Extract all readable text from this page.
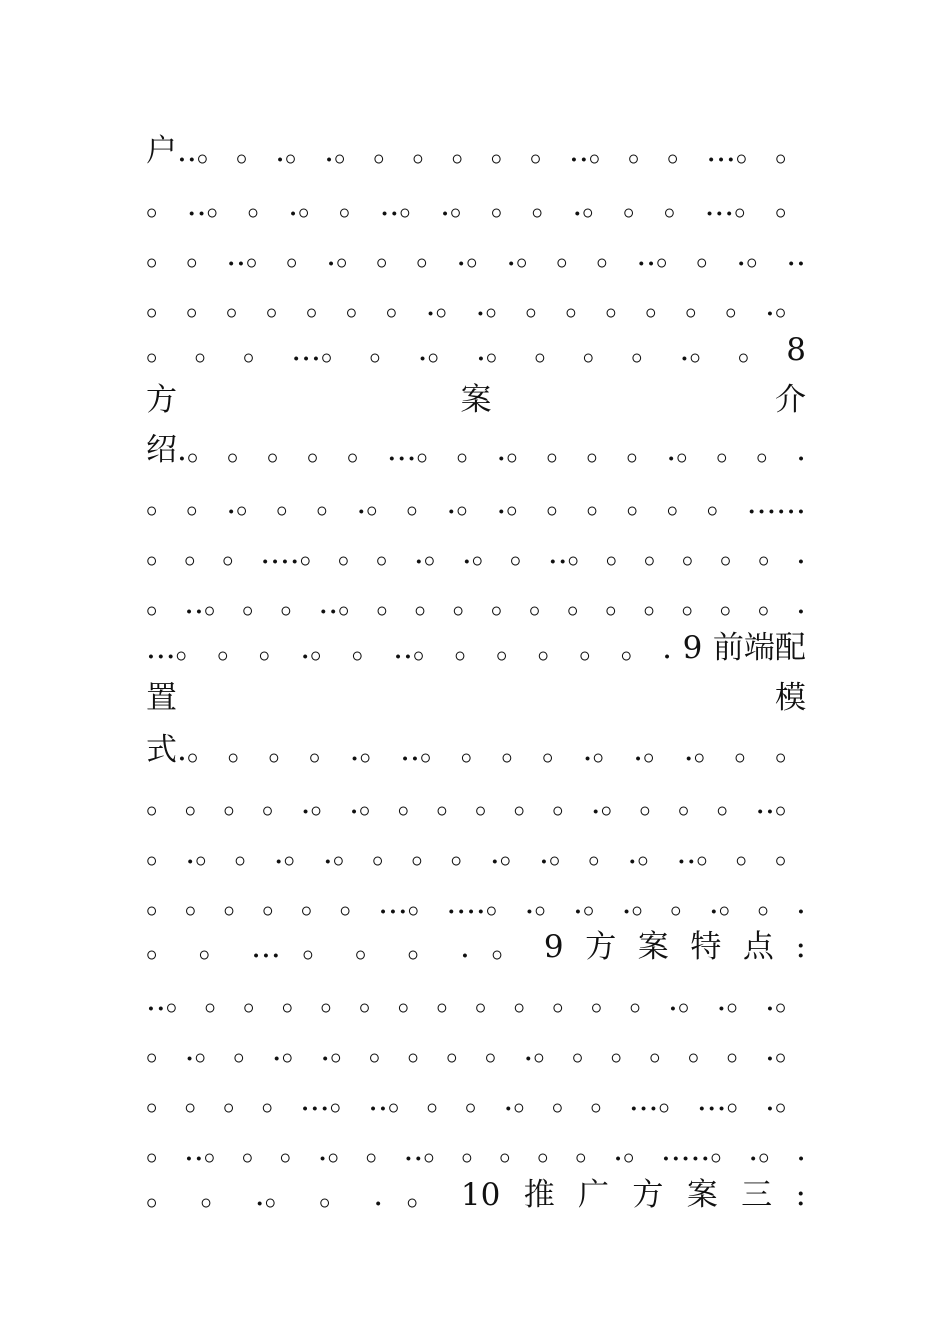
户..。 。 .。 .。 。 。 。 。 。 ..。 。 。 ...。 。
。 ..。 。 .。 。 ..。 .。 。 。 .。 。 。 ...。 。
。 。 ..。 。 .。 。 。 .。 .。 。 。 ..。 。 .。 ..
。 。 。 。 。 。 。 .。 .。 。 。 。 。 。 。 .。
。 。 。 ...。 。 .。 .。 。 。 。 .。 。 8
方	案	介
绍.。 。 。 。 。 ...。 。 .。 。 。 。 .。 。 。 .
。 。 .。 。 。 .。 。 .。 .。 。 。 。 。 。 ......
。 。 。 ....。 。 。 .。 .。 。 ..。 。 。 。 。 。 .
。 ..。 。 。 ..。 。 。 。 。 。 。 。 。 。 。 。 .
...。 。 。 .。 。 ..。 。 。 。 。 。 . 9 前端配
置	模
式.。 。 。 。 .。 ..。 。 。 。 .。 .。 .。 。 。
。 。 。 。 .。 .。 。 。 。 。 。 .。 。 。 。 ..。
。 .。 。 .。 .。 。 。 。 .。 .。 。 .。 ..。 。 。
。 。 。 。 。 。 ...。 ....。 .。 .。 .。 。 .。 。 .
。 。 ... 。 。 。 . 。 9 方 案 特 点 :
..。 。 。 。 。 。 。 。 。 。 。 。 。 .。 .。 .。
。 .。 。 .。 .。 。 。 。 。 .。 。 。 。 。 。 .。
。 。 。 。 ...。 ..。 。 。 .。 。 。 ...。 ...。 .。
。 ..。 。 。 .。 。 ..。 。 。 。 。 .。 .....。 .。 .
。 。 .。 。 . 。 10 推 广 方 案 三 :
